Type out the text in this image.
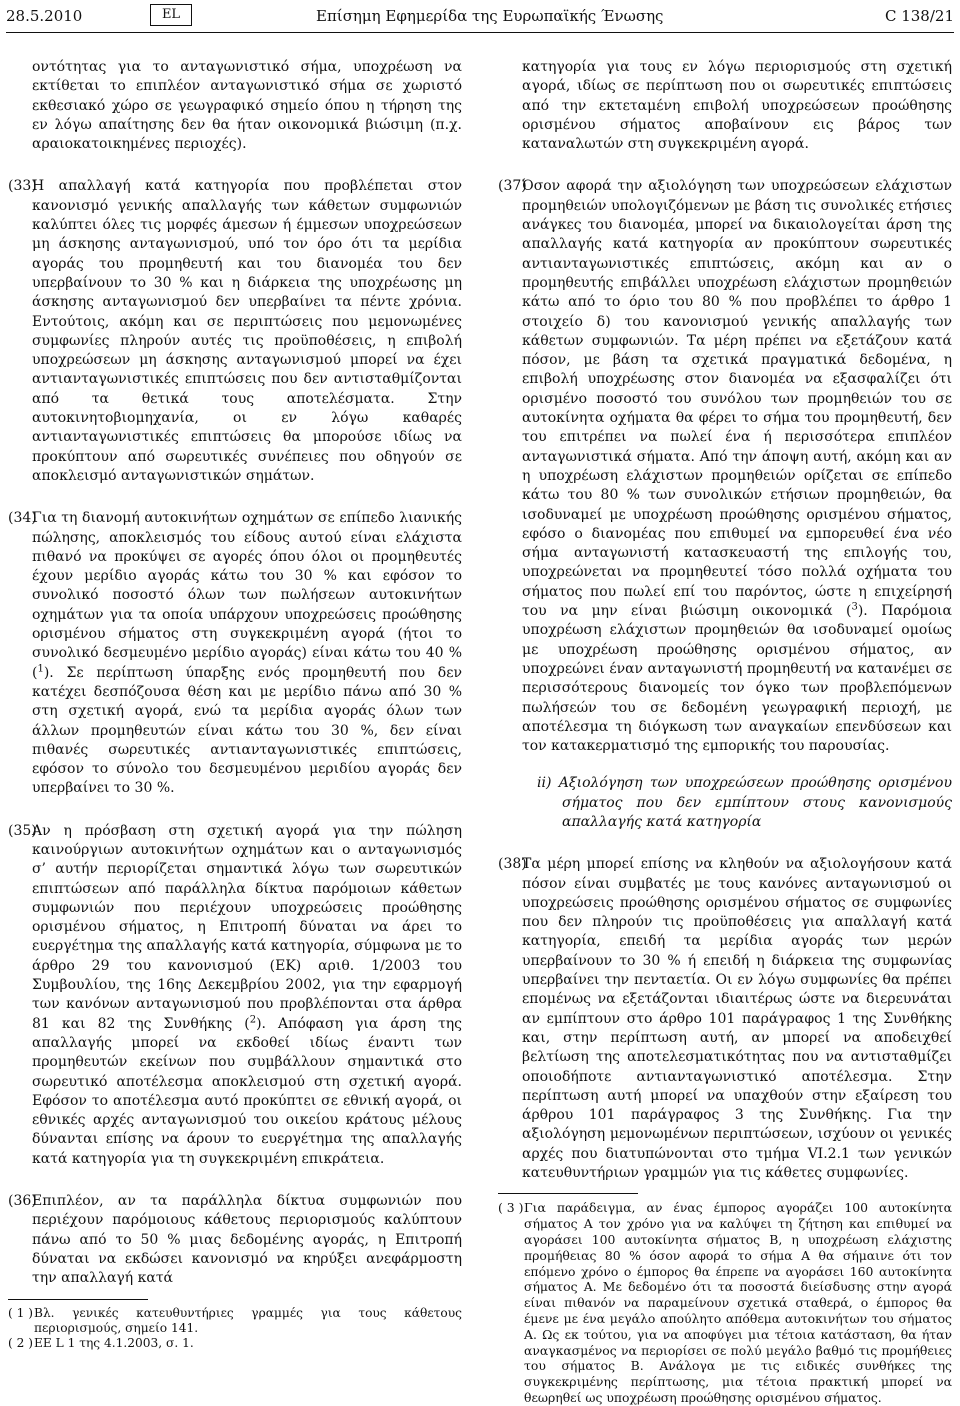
28.5.2010	EL	Επίσημη Εφημερίδα της Ευρωπαϊκής Ένωσης	C 138/21

οντότητας για το ανταγωνιστικό σήμα, υποχρέωση να εκτίθεται το επιπλέον ανταγωνιστικό σήμα σε χωριστό εκθεσιακό χώρο σε γεωγραφικό σημείο όπου η τήρηση της εν λόγω απαίτησης δεν θα ήταν οικονομικά βιώσιμη (π.χ. αραιοκατοικημένες περιοχές).

(33)

Η απαλλαγή κατά κατηγορία που προβλέπεται στον κανονισμό γενικής απαλλαγής των κάθετων συμφωνιών καλύπτει όλες τις μορφές άμεσων ή έμμεσων υποχρεώσεων μη άσκησης ανταγωνισμού, υπό τον όρο ότι τα μερίδια αγοράς του προμηθευτή και του διανομέα του δεν υπερβαίνουν το 30 % και η διάρκεια της υποχρέωσης μη άσκησης ανταγωνισμού δεν υπερβαίνει τα πέντε χρόνια. Εντούτοις, ακόμη και σε περιπτώσεις που μεμονωμένες συμφωνίες πληρούν αυτές τις προϋποθέσεις, η επιβολή υποχρεώσεων μη άσκησης ανταγωνισμού μπορεί να έχει αντιανταγωνιστικές επιπτώσεις που δεν αντισταθμίζονται από τα θετικά τους αποτελέσματα. Στην αυτοκινητοβιομηχανία, οι εν λόγω καθαρές αντιανταγωνιστικές επιπτώσεις θα μπορούσε ιδίως να προκύπτουν από σωρευτικές συνέπειες που οδηγούν σε αποκλεισμό ανταγωνιστικών σημάτων.

(34)

Για τη διανομή αυτοκινήτων οχημάτων σε επίπεδο λιανικής πώλησης, αποκλεισμός του είδους αυτού είναι ελάχιστα πιθανό να προκύψει σε αγορές όπου όλοι οι προμηθευτές έχουν μερίδιο αγοράς κάτω του 30 % και εφόσον το συνολικό ποσοστό όλων των πωλήσεων αυτοκινήτων οχημάτων για τα οποία υπάρχουν υποχρεώσεις προώθησης ορισμένου σήματος στη συγκεκριμένη αγορά (ήτοι το συνολικό δεσμευμένο μερίδιο αγοράς) είναι κάτω του 40 % ($^1$). Σε περίπτωση ύπαρξης ενός προμηθευτή που δεν κατέχει δεσπόζουσα θέση και με μερίδιο πάνω από 30 % στη σχετική αγορά, ενώ τα μερίδια αγοράς όλων των άλλων προμηθευτών είναι κάτω του 30 %, δεν είναι πιθανές σωρευτικές αντιανταγωνιστικές επιπτώσεις, εφόσον το σύνολο του δεσμευμένου μεριδίου αγοράς δεν υπερβαίνει το 30 %.

(35)

Αν η πρόσβαση στη σχετική αγορά για την πώληση καινούργιων αυτοκινήτων οχημάτων και ο ανταγωνισμός σ’ αυτήν περιορίζεται σημαντικά λόγω των σωρευτικών επιπτώσεων από παράλληλα δίκτυα παρόμοιων κάθετων συμφωνιών που περιέχουν υποχρεώσεις προώθησης ορισμένου σήματος, η Επιτροπή δύναται να άρει το ευεργέτημα της απαλλαγής κατά κατηγορία, σύμφωνα με το άρθρο 29 του κανονισμού (ΕΚ) αριθ. 1/2003 του Συμβουλίου, της 16ης Δεκεμβρίου 2002, για την εφαρμογή των κανόνων ανταγωνισμού που προβλέπονται στα άρθρα 81 και 82 της Συνθήκης ($^2$). Απόφαση για άρση της απαλλαγής μπορεί να εκδοθεί ιδίως έναντι των προμηθευτών εκείνων που συμβάλλουν σημαντικά στο σωρευτικό αποτέλεσμα αποκλεισμού στη σχετική αγορά. Εφόσον το αποτέλεσμα αυτό προκύπτει σε εθνική αγορά, οι εθνικές αρχές ανταγωνισμού του οικείου κράτους μέλους δύνανται επίσης να άρουν το ευεργέτημα της απαλλαγής κατά κατηγορία για τη συγκεκριμένη επικράτεια.

(36)

Επιπλέον, αν τα παράλληλα δίκτυα συμφωνιών που περιέχουν παρόμοιους κάθετους περιορισμούς καλύπτουν πάνω από το 50 % μιας δεδομένης αγοράς, η Επιτροπή δύναται να εκδώσει κανονισμό να κηρύξει ανεφάρμοστη την απαλλαγή κατά

( 1 ) Βλ. γενικές κατευθυντήριες γραμμές για τους κάθετους περιορισμούς, σημείο 141.
( 2 ) ΕΕ L 1 της 4.1.2003, σ. 1.

κατηγορία για τους εν λόγω περιορισμούς στη σχετική αγορά, ιδίως σε περίπτωση που οι σωρευτικές επιπτώσεις από την εκτεταμένη επιβολή υποχρεώσεων προώθησης ορισμένου σήματος αποβαίνουν εις βάρος των καταναλωτών στη συγκεκριμένη αγορά.

(37)

Όσον αφορά την αξιολόγηση των υποχρεώσεων ελάχιστων προμηθειών υπολογιζόμενων με βάση τις συνολικές ετήσιες ανάγκες του διανομέα, μπορεί να δικαιολογείται άρση της απαλλαγής κατά κατηγορία αν προκύπτουν σωρευτικές αντιανταγωνιστικές επιπτώσεις, ακόμη και αν ο προμηθευτής επιβάλλει υποχρέωση ελάχιστων προμηθειών κάτω από το όριο του 80 % που προβλέπει το άρθρο 1 στοιχείο δ) του κανονισμού γενικής απαλλαγής των κάθετων συμφωνιών. Τα μέρη πρέπει να εξετάζουν κατά πόσον, με βάση τα σχετικά πραγματικά δεδομένα, η επιβολή υποχρέωσης στον διανομέα να εξασφαλίζει ότι ορισμένο ποσοστό του συνόλου των προμηθειών του σε αυτοκίνητα οχήματα θα φέρει το σήμα του προμηθευτή, δεν του επιτρέπει να πωλεί ένα ή περισσότερα επιπλέον ανταγωνιστικά σήματα. Από την άποψη αυτή, ακόμη και αν η υποχρέωση ελάχιστων προμηθειών ορίζεται σε επίπεδο κάτω του 80 % των συνολικών ετήσιων προμηθειών, θα ισοδυναμεί με υποχρέωση προώθησης ορισμένου σήματος, εφόσο ο διανομέας που επιθυμεί να εμπορευθεί ένα νέο σήμα ανταγωνιστή κατασκευαστή της επιλογής του, υποχρεώνεται να προμηθευτεί τόσο πολλά οχήματα του σήματος που πωλεί επί του παρόντος, ώστε η επιχείρησή του να μην είναι βιώσιμη οικονομικά ($^3$). Παρόμοια υποχρέωση ελάχιστων προμηθειών θα ισοδυναμεί ομοίως με υποχρέωση προώθησης ορισμένου σήματος, αν υποχρεώνει έναν ανταγωνιστή προμηθευτή να κατανέμει σε περισσότερους διανομείς τον όγκο των προβλεπόμενων πωλήσεών του σε δεδομένη γεωγραφική περιοχή, με αποτέλεσμα τη διόγκωση των αναγκαίων επενδύσεων και τον κατακερματισμό της εμπορικής του παρουσίας.

ii) Αξιολόγηση των υποχρεώσεων προώθησης ορισμένου σήματος που δεν εμπίπτουν στους κανονισμούς απαλλαγής κατά κατηγορία

(38)

Τα μέρη μπορεί επίσης να κληθούν να αξιολογήσουν κατά πόσον είναι συμβατές με τους κανόνες ανταγωνισμού οι υποχρεώσεις προώθησης ορισμένου σήματος σε συμφωνίες που δεν πληρούν τις προϋποθέσεις για απαλλαγή κατά κατηγορία, επειδή τα μερίδια αγοράς των μερών υπερβαίνουν το 30 % ή επειδή η διάρκεια της συμφωνίας υπερβαίνει την πενταετία. Οι εν λόγω συμφωνίες θα πρέπει επομένως να εξετάζονται ιδιαιτέρως ώστε να διερευνάται αν εμπίπτουν στο άρθρο 101 παράγραφος 1 της Συνθήκης και, στην περίπτωση αυτή, αν μπορεί να αποδειχθεί βελτίωση της αποτελεσματικότητας που να αντισταθμίζει οποιοδήποτε αντιανταγωνιστικό αποτέλεσμα. Στην περίπτωση αυτή μπορεί να υπαχθούν στην εξαίρεση του άρθρου 101 παράγραφος 3 της Συνθήκης. Για την αξιολόγηση μεμονωμένων περιπτώσεων, ισχύουν οι γενικές αρχές που διατυπώνονται στο τμήμα VI.2.1 των γενικών κατευθυντήριων γραμμών για τις κάθετες συμφωνίες.

( 3 ) Για παράδειγμα, αν ένας έμπορος αγοράζει 100 αυτοκίνητα σήματος Α τον χρόνο για να καλύψει τη ζήτηση και επιθυμεί να αγοράσει 100 αυτοκίνητα σήματος Β, η υποχρέωση ελάχιστης προμήθειας 80 % όσον αφορά το σήμα Α θα σήμαινε ότι τον επόμενο χρόνο ο έμπορος θα έπρεπε να αγοράσει 160 αυτοκίνητα σήματος Α. Με δεδομένο ότι τα ποσοστά διείσδυσης στην αγορά είναι πιθανόν να παραμείνουν σχετικά σταθερά, ο έμπορος θα έμενε με ένα μεγάλο απούλητο απόθεμα αυτοκινήτων του σήματος Α. Ως εκ τούτου, για να αποφύγει μια τέτοια κατάσταση, θα ήταν αναγκασμένος να περιορίσει σε πολύ μεγάλο βαθμό τις προμήθειες του σήματος Β. Ανάλογα με τις ειδικές συνθήκες της συγκεκριμένης περίπτωσης, μια τέτοια πρακτική μπορεί να θεωρηθεί ως υποχρέωση προώθησης ορισμένου σήματος.
